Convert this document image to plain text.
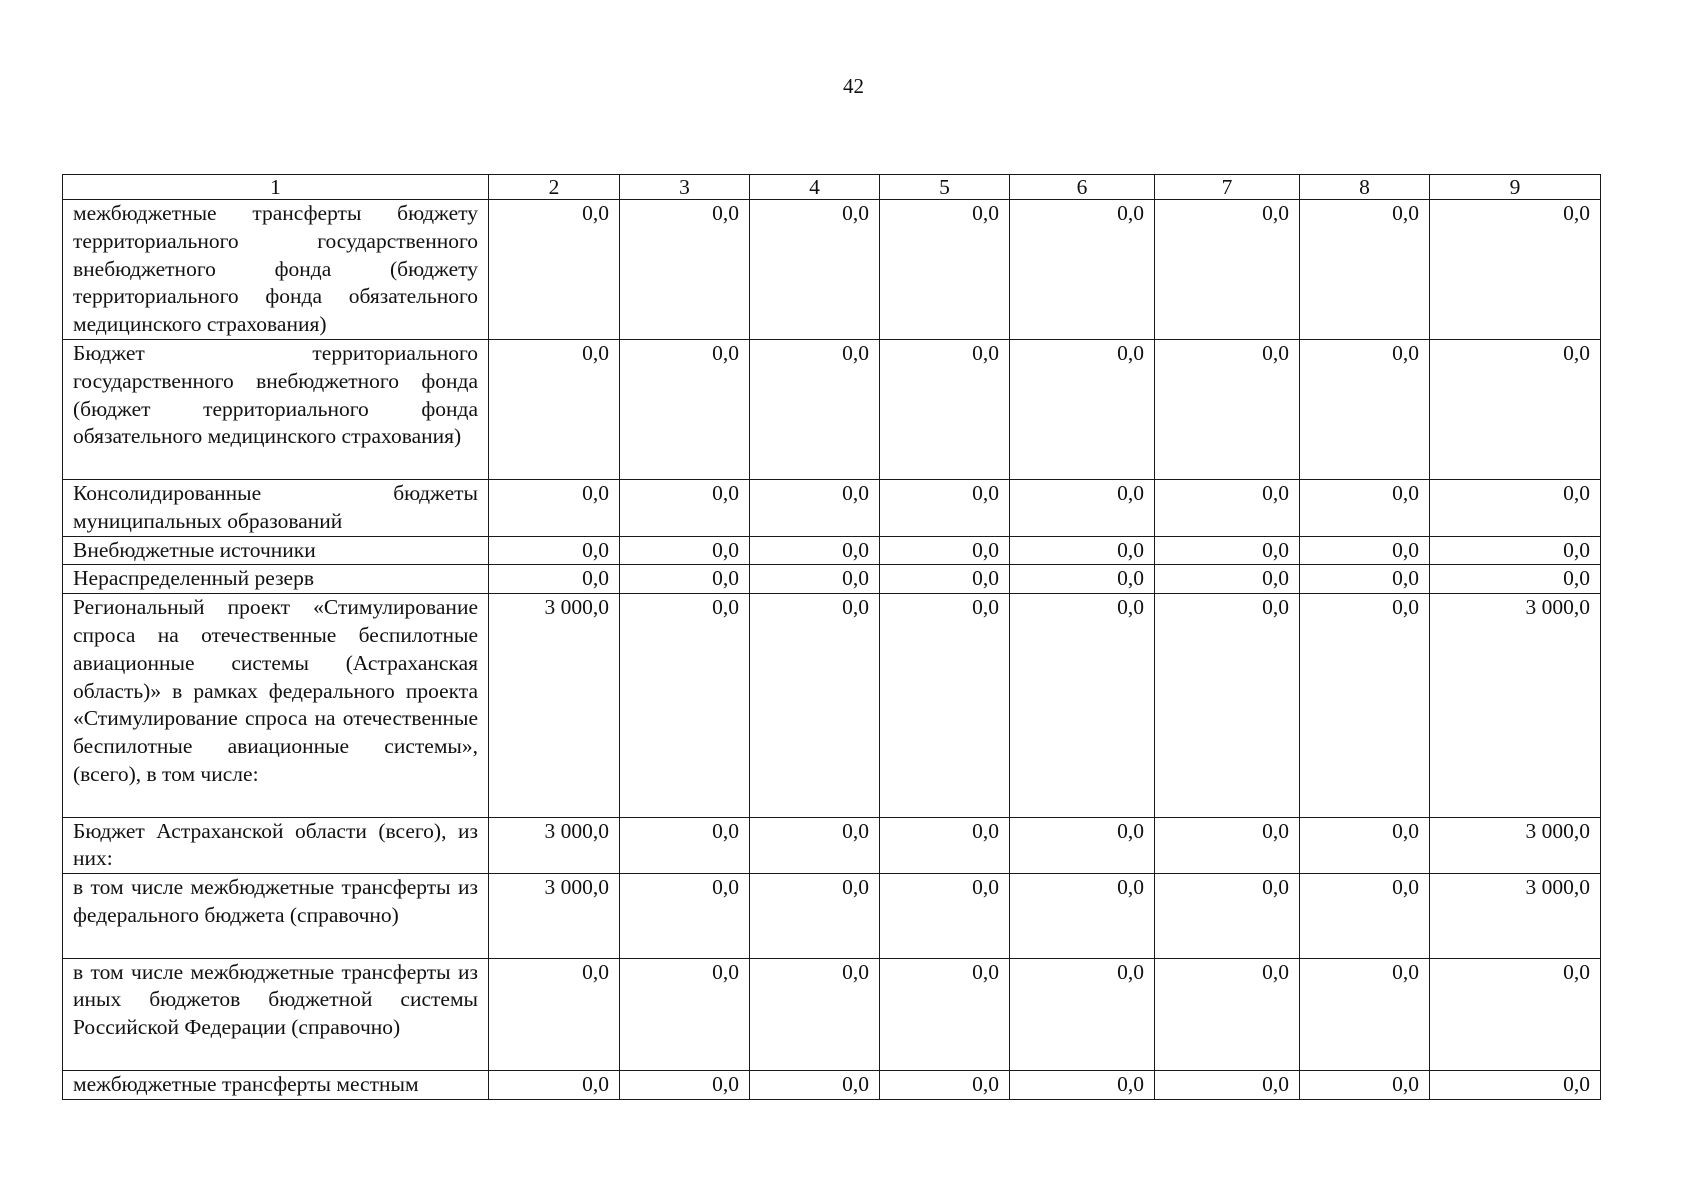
42
1	2	3	4	5	6	7	8	9
межбюджетные трансферты бюджету территориального государственного внебюджетного фонда (бюджету территориального фонда обязательного медицинского страхования)	0,0	0,0	0,0	0,0	0,0	0,0	0,0	0,0
Бюджет территориального государственного внебюджетного фонда (бюджет территориального фонда обязательного медицинского страхования)	0,0	0,0	0,0	0,0	0,0	0,0	0,0	0,0
Консолидированные бюджеты муниципальных образований	0,0	0,0	0,0	0,0	0,0	0,0	0,0	0,0
Внебюджетные источники	0,0	0,0	0,0	0,0	0,0	0,0	0,0	0,0
Нераспределенный резерв	0,0	0,0	0,0	0,0	0,0	0,0	0,0	0,0
Региональный проект «Стимулирование спроса на отечественные беспилотные авиационные системы (Астраханская область)» в рамках федерального проекта «Стимулирование спроса на отечественные беспилотные авиационные системы», (всего), в том числе:	3 000,0	0,0	0,0	0,0	0,0	0,0	0,0	3 000,0
Бюджет Астраханской области (всего), из них:	3 000,0	0,0	0,0	0,0	0,0	0,0	0,0	3 000,0
в том числе межбюджетные трансферты из федерального бюджета (справочно)	3 000,0	0,0	0,0	0,0	0,0	0,0	0,0	3 000,0
в том числе межбюджетные трансферты из иных бюджетов бюджетной системы Российской Федерации (справочно)	0,0	0,0	0,0	0,0	0,0	0,0	0,0	0,0
межбюджетные трансферты местным	0,0	0,0	0,0	0,0	0,0	0,0	0,0	0,0
